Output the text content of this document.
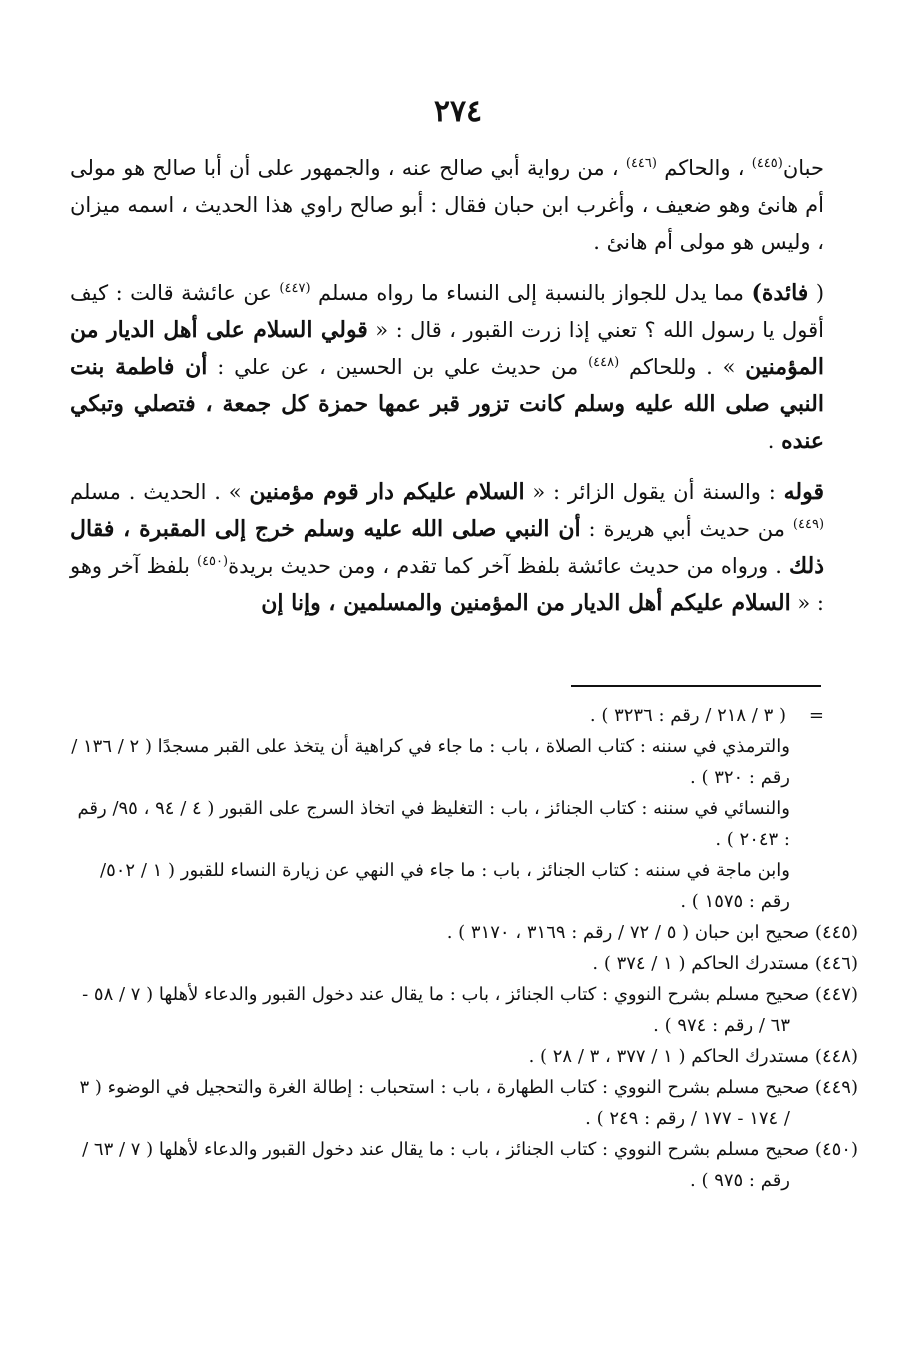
٢٧٤

حبان$^{(٤٤٥)}$ ، والحاكم $^{(٤٤٦)}$ ، من رواية أبي صالح عنه ، والجمهور على أن أبا صالح هو مولى أم هانئ وهو ضعيف ، وأغرب ابن حبان فقال : أبو صالح راوي هذا الحديث ، اسمه ميزان ، وليس هو مولى أم هانئ .

( فائدة) مما يدل للجواز بالنسبة إلى النساء ما رواه مسلم $^{(٤٤٧)}$ عن عائشة قالت : كيف أقول يا رسول الله ؟ تعني إذا زرت القبور ، قال : « قولي السلام على أهل الديار من المؤمنين » . وللحاكم $^{(٤٤٨)}$ من حديث علي بن الحسين ، عن علي : أن فاطمة بنت النبي صلى الله عليه وسلم كانت تزور قبر عمها حمزة كل جمعة ، فتصلي وتبكي عنده .

قوله : والسنة أن يقول الزائر : « السلام عليكم دار قوم مؤمنين » . الحديث . مسلم $^{(٤٤٩)}$ من حديث أبي هريرة : أن النبي صلى الله عليه وسلم خرج إلى المقبرة ، فقال ذلك . ورواه من حديث عائشة بلفظ آخر كما تقدم ، ومن حديث بريدة$^{(٤٥٠)}$ بلفظ آخر وهو : « السلام عليكم أهل الديار من المؤمنين والمسلمين ، وإنا إن

=    ( ٣ / ٢١٨ / رقم : ٣٢٣٦ ) .

والترمذي في سننه : كتاب الصلاة ، باب : ما جاء في كراهية أن يتخذ على القبر مسجدًا ( ٢ / ١٣٦ / رقم : ٣٢٠ ) .

والنسائي في سننه : كتاب الجنائز ، باب : التغليظ في اتخاذ السرج على القبور ( ٤ / ٩٤ ، ٩٥/ رقم : ٢٠٤٣ ) .

وابن ماجة في سننه : كتاب الجنائز ، باب : ما جاء في النهي عن زيارة النساء للقبور ( ١ / ٥٠٢/ رقم : ١٥٧٥ ) .

(٤٤٥) صحيح ابن حبان ( ٥ / ٧٢ / رقم : ٣١٦٩ ، ٣١٧٠ ) .

(٤٤٦) مستدرك الحاكم ( ١ / ٣٧٤ ) .

(٤٤٧) صحيح مسلم بشرح النووي : كتاب الجنائز ، باب : ما يقال عند دخول القبور والدعاء لأهلها ( ٧ / ٥٨ - ٦٣ / رقم : ٩٧٤ ) .

(٤٤٨) مستدرك الحاكم ( ١ / ٣٧٧ ، ٣ / ٢٨ ) .

(٤٤٩) صحيح مسلم بشرح النووي : كتاب الطهارة ، باب : استحباب : إطالة الغرة والتحجيل في الوضوء ( ٣ / ١٧٤ - ١٧٧ / رقم : ٢٤٩ ) .

(٤٥٠) صحيح مسلم بشرح النووي : كتاب الجنائز ، باب : ما يقال عند دخول القبور والدعاء لأهلها ( ٧ / ٦٣ / رقم : ٩٧٥ ) .
